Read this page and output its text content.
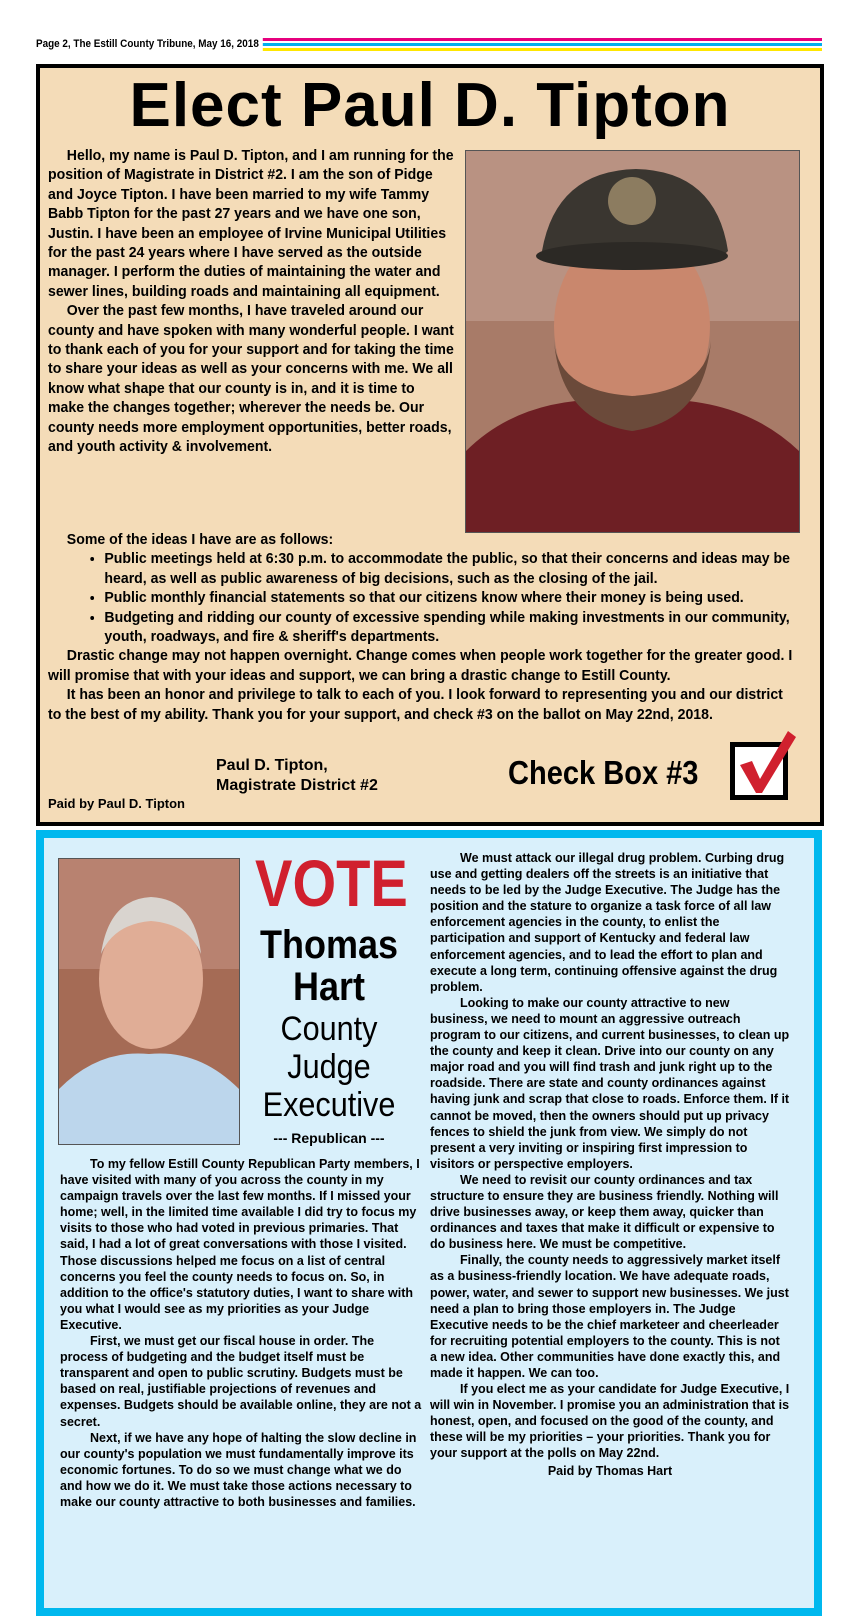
Page 2, The Estill County Tribune, May 16, 2018
Elect Paul D. Tipton

Hello, my name is Paul D. Tipton, and I am running for the position of Magistrate in District #2. I am the son of Pidge and Joyce Tipton. I have been married to my wife Tammy Babb Tipton for the past 27 years and we have one son, Justin. I have been an employee of Irvine Municipal Utilities for the past 24 years where I have served as the outside manager. I perform the duties of maintaining the water and sewer lines, building roads and maintaining all equipment.

Over the past few months, I have traveled around our county and have spoken with many wonderful people. I want to thank each of you for your support and for taking the time to share your ideas as well as your concerns with me. We all know what shape that our county is in, and it is time to make the changes together; wherever the needs be. Our county needs more employment opportunities, better roads, and youth activity & involvement.

Some of the ideas I have are as follows:

• Public meetings held at 6:30 p.m. to accommodate the public, so that their concerns and ideas may be heard, as well as public awareness of big decisions, such as the closing of the jail.
• Public monthly financial statements so that our citizens know where their money is being used.
• Budgeting and ridding our county of excessive spending while making investments in our community, youth, roadways, and fire & sheriff's departments.

Drastic change may not happen overnight. Change comes when people work together for the greater good. I will promise that with your ideas and support, we can bring a drastic change to Estill County.

It has been an honor and privilege to talk to each of you. I look forward to representing you and our district to the best of my ability. Thank you for your support, and check #3 on the ballot on May 22nd, 2018.

Paul D. Tipton,
Magistrate District #2
Paid by Paul D. Tipton
Check Box #3
VOTE
Thomas
Hart
County
Judge
Executive
--- Republican ---

To my fellow Estill County Republican Party members, I have visited with many of you across the county in my campaign travels over the last few months. If I missed your home; well, in the limited time available I did try to focus my visits to those who had voted in previous primaries. That said, I had a lot of great conversations with those I visited. Those discussions helped me focus on a list of central concerns you feel the county needs to focus on. So, in addition to the office's statutory duties, I want to share with you what I would see as my priorities as your Judge Executive.

First, we must get our fiscal house in order. The process of budgeting and the budget itself must be transparent and open to public scrutiny. Budgets must be based on real, justifiable projections of revenues and expenses. Budgets should be available online, they are not a secret.

Next, if we have any hope of halting the slow decline in our county's population we must fundamentally improve its economic fortunes. To do so we must change what we do and how we do it. We must take those actions necessary to make our county attractive to both businesses and families.

We must attack our illegal drug problem. Curbing drug use and getting dealers off the streets is an initiative that needs to be led by the Judge Executive. The Judge has the position and the stature to organize a task force of all law enforcement agencies in the county, to enlist the participation and support of Kentucky and federal law enforcement agencies, and to lead the effort to plan and execute a long term, continuing offensive against the drug problem.

Looking to make our county attractive to new business, we need to mount an aggressive outreach program to our citizens, and current businesses, to clean up the county and keep it clean. Drive into our county on any major road and you will find trash and junk right up to the roadside. There are state and county ordinances against having junk and scrap that close to roads. Enforce them. If it cannot be moved, then the owners should put up privacy fences to shield the junk from view. We simply do not present a very inviting or inspiring first impression to visitors or perspective employers.

We need to revisit our county ordinances and tax structure to ensure they are business friendly. Nothing will drive businesses away, or keep them away, quicker than ordinances and taxes that make it difficult or expensive to do business here. We must be competitive.

Finally, the county needs to aggressively market itself as a business-friendly location. We have adequate roads, power, water, and sewer to support new businesses. We just need a plan to bring those employers in. The Judge Executive needs to be the chief marketeer and cheerleader for recruiting potential employers to the county. This is not a new idea. Other communities have done exactly this, and made it happen. We can too.

If you elect me as your candidate for Judge Executive, I will win in November. I promise you an administration that is honest, open, and focused on the good of the county, and these will be my priorities – your priorities. Thank you for your support at the polls on May 22nd.

Paid by Thomas Hart
